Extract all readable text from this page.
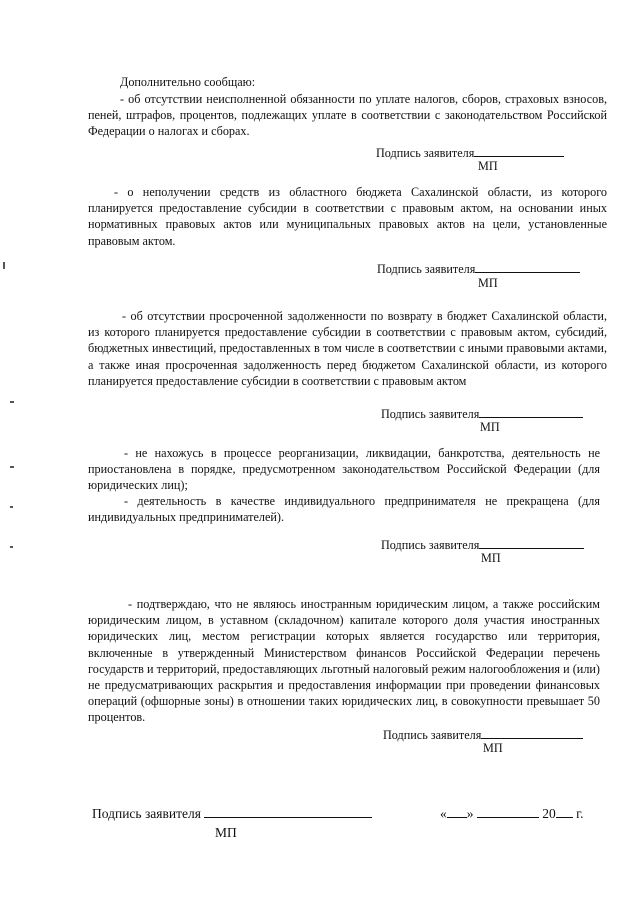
Дополнительно сообщаю:

- об отсутствии неисполненной обязанности по уплате налогов, сборов, страховых взносов, пеней, штрафов, процентов, подлежащих уплате в соответствии с законодательством Российской Федерации о налогах и сборах.

Подпись заявителя
МП

- о неполучении средств из областного бюджета Сахалинской области, из которого планируется предоставление субсидии в соответствии с правовым актом, на основании иных нормативных правовых актов или муниципальных правовых актов на цели, установленные правовым актом.

Подпись заявителя
МП

- об отсутствии просроченной задолженности по возврату в бюджет Сахалинской области, из которого планируется предоставление субсидии в соответствии с правовым актом, субсидий, бюджетных инвестиций, предоставленных в том числе в соответствии с иными правовыми актами, а также иная просроченная задолженность перед бюджетом Сахалинской области, из которого планируется предоставление субсидии в соответствии с правовым актом

Подпись заявителя
МП

- не нахожусь в процессе реорганизации, ликвидации, банкротства, деятельность не приостановлена в порядке, предусмотренном законодательством Российской Федерации (для юридических лиц);

- деятельность в качестве индивидуального предпринимателя не прекращена (для индивидуальных предпринимателей).

Подпись заявителя
МП

- подтверждаю, что не являюсь иностранным юридическим лицом, а также российским юридическим лицом, в уставном (складочном) капитале которого доля участия иностранных юридических лиц, местом регистрации которых является государство или территория, включенные в утвержденный Министерством финансов Российской Федерации перечень государств и территорий, предоставляющих льготный налоговый режим налогообложения и (или) не предусматривающих раскрытия и предоставления информации при проведении финансовых операций (офшорные зоны) в отношении таких юридических лиц, в совокупности превышает 50 процентов.

Подпись заявителя
МП
Подпись заявителя
МП
« »	20 г.
